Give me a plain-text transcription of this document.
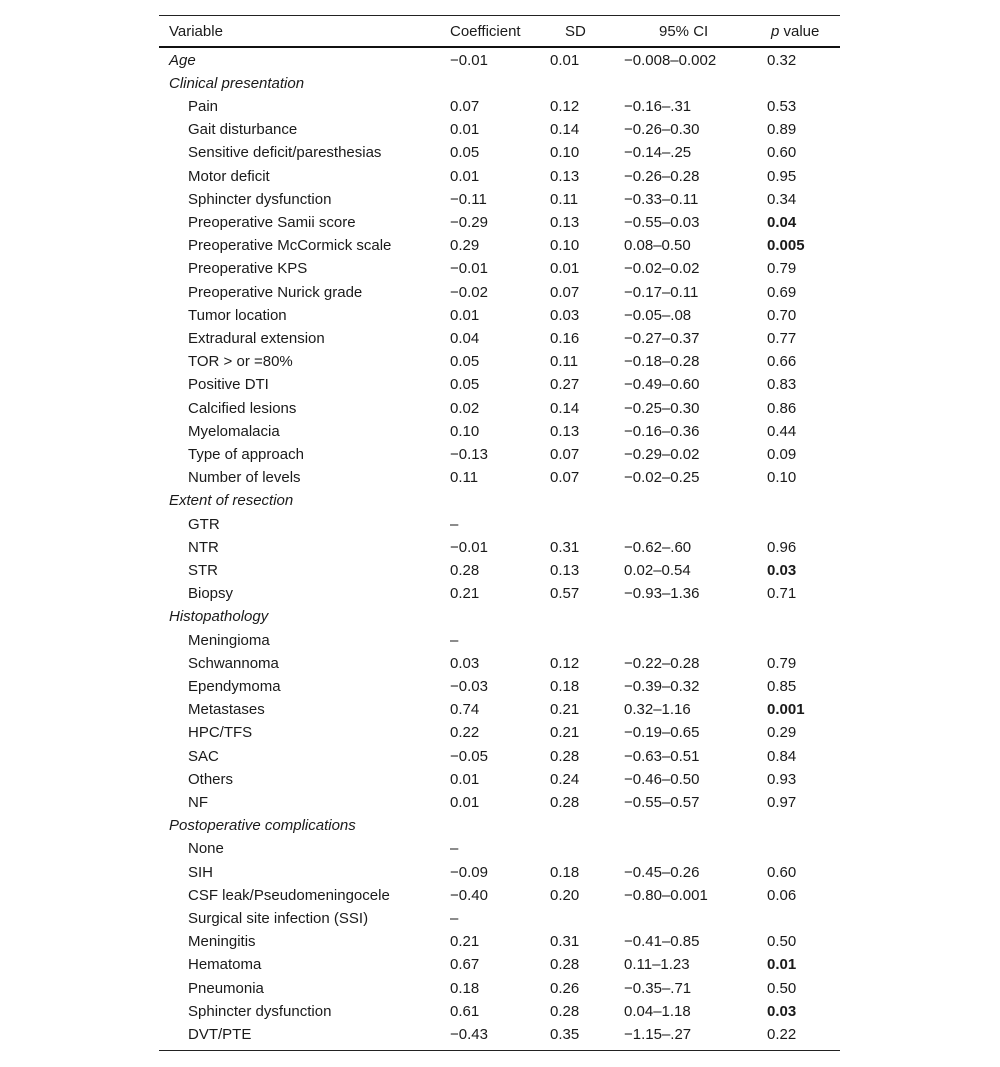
Variable	Coefficient	SD	95% CI	p value
Age	−0.01	0.01	−0.008–0.002	0.32
Clinical presentation
Pain	0.07	0.12	−0.16–.31	0.53
Gait disturbance	0.01	0.14	−0.26–0.30	0.89
Sensitive deficit/paresthesias	0.05	0.10	−0.14–.25	0.60
Motor deficit	0.01	0.13	−0.26–0.28	0.95
Sphincter dysfunction	−0.11	0.11	−0.33–0.11	0.34
Preoperative Samii score	−0.29	0.13	−0.55–0.03	0.04
Preoperative McCormick scale	0.29	0.10	0.08–0.50	0.005
Preoperative KPS	−0.01	0.01	−0.02–0.02	0.79
Preoperative Nurick grade	−0.02	0.07	−0.17–0.11	0.69
Tumor location	0.01	0.03	−0.05–.08	0.70
Extradural extension	0.04	0.16	−0.27–0.37	0.77
TOR > or =80%	0.05	0.11	−0.18–0.28	0.66
Positive DTI	0.05	0.27	−0.49–0.60	0.83
Calcified lesions	0.02	0.14	−0.25–0.30	0.86
Myelomalacia	0.10	0.13	−0.16–0.36	0.44
Type of approach	−0.13	0.07	−0.29–0.02	0.09
Number of levels	0.11	0.07	−0.02–0.25	0.10
Extent of resection
GTR	–
NTR	−0.01	0.31	−0.62–.60	0.96
STR	0.28	0.13	0.02–0.54	0.03
Biopsy	0.21	0.57	−0.93–1.36	0.71
Histopathology
Meningioma	–
Schwannoma	0.03	0.12	−0.22–0.28	0.79
Ependymoma	−0.03	0.18	−0.39–0.32	0.85
Metastases	0.74	0.21	0.32–1.16	0.001
HPC/TFS	0.22	0.21	−0.19–0.65	0.29
SAC	−0.05	0.28	−0.63–0.51	0.84
Others	0.01	0.24	−0.46–0.50	0.93
NF	0.01	0.28	−0.55–0.57	0.97
Postoperative complications
None	–
SIH	−0.09	0.18	−0.45–0.26	0.60
CSF leak/Pseudomeningocele	−0.40	0.20	−0.80–0.001	0.06
Surgical site infection (SSI)	–
Meningitis	0.21	0.31	−0.41–0.85	0.50
Hematoma	0.67	0.28	0.11–1.23	0.01
Pneumonia	0.18	0.26	−0.35–.71	0.50
Sphincter dysfunction	0.61	0.28	0.04–1.18	0.03
DVT/PTE	−0.43	0.35	−1.15–.27	0.22
